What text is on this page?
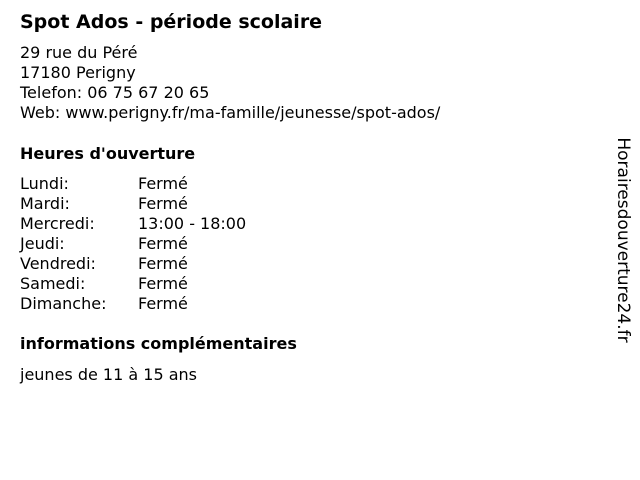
Spot Ados - période scolaire
29 rue du Péré
17180 Perigny
Telefon: 06 75 67 20 65
Web: www.perigny.fr/ma-famille/jeunesse/spot-ados/
Heures d'ouverture
Lundi:	Fermé
Mardi:	Fermé
Mercredi:	13:00 - 18:00
Jeudi:	Fermé
Vendredi:	Fermé
Samedi:	Fermé
Dimanche:	Fermé
informations complémentaires
jeunes de 11 à 15 ans
Horairesdouverture24.fr
